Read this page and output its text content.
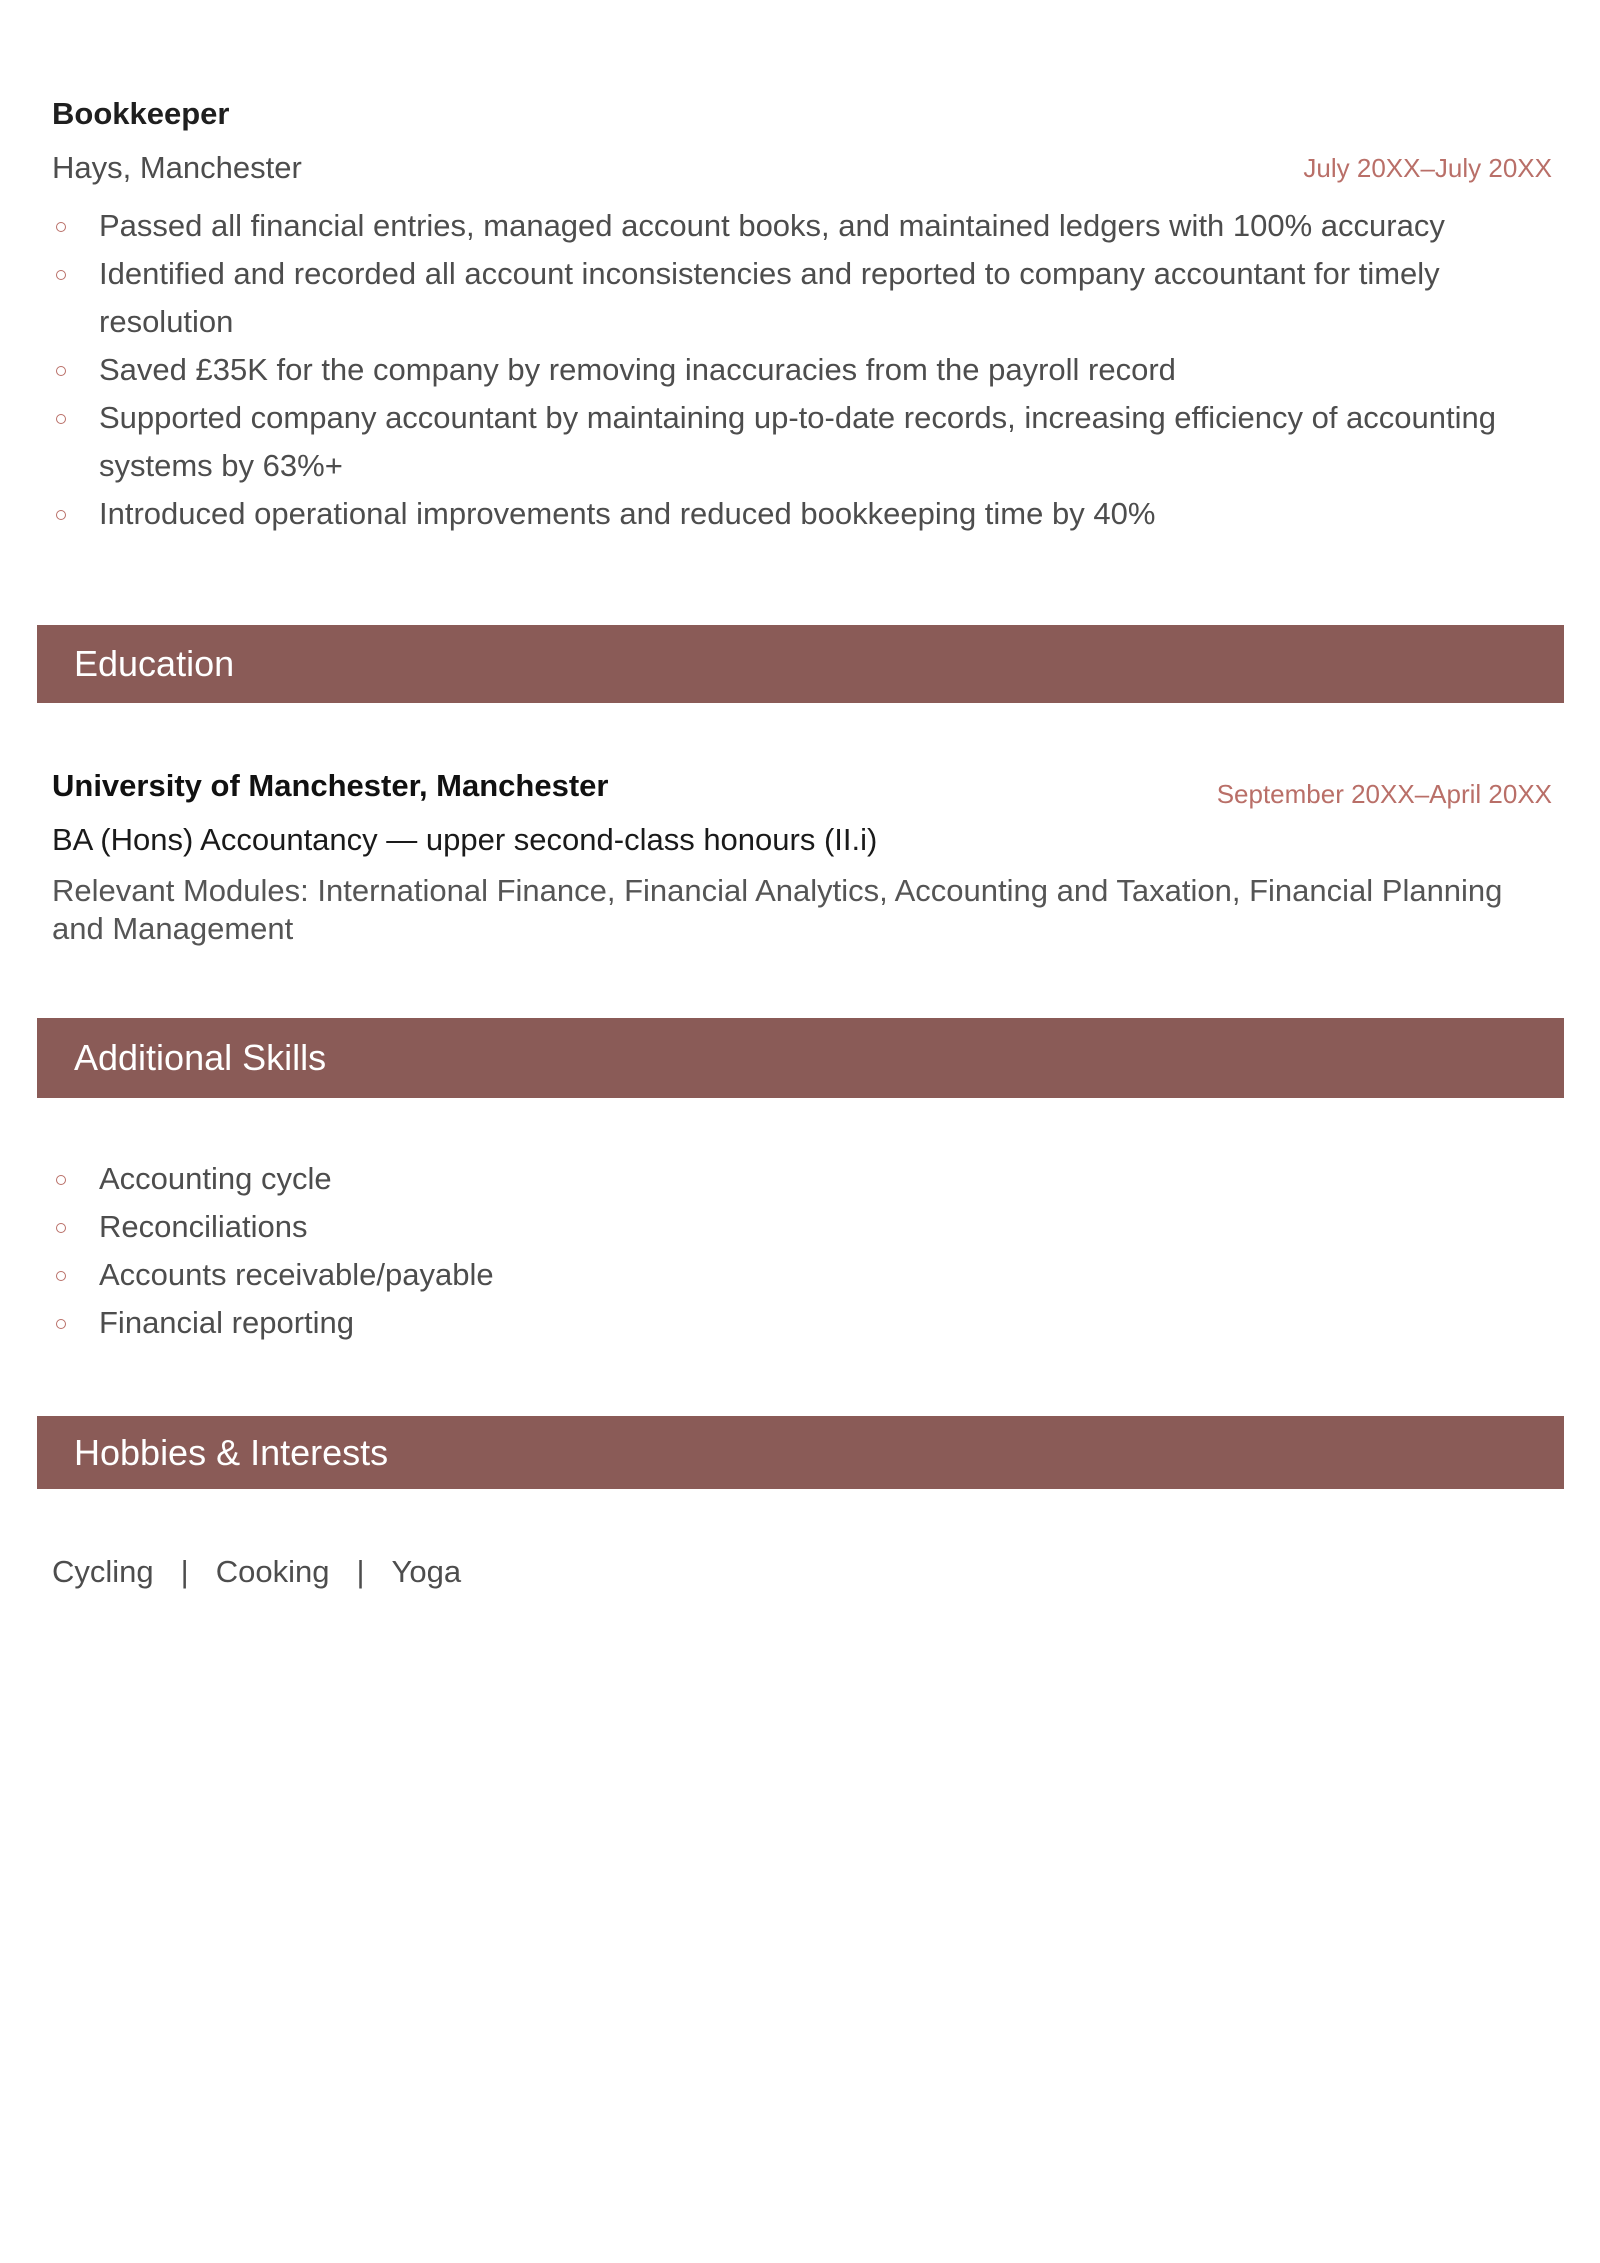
Bookkeeper
Hays, Manchester	July 20XX–July 20XX
Passed all financial entries, managed account books, and maintained ledgers with 100% accuracy
Identified and recorded all account inconsistencies and reported to company accountant for timely resolution
Saved £35K for the company by removing inaccuracies from the payroll record
Supported company accountant by maintaining up-to-date records, increasing efficiency of accounting systems by 63%+
Introduced operational improvements and reduced bookkeeping time by 40%
Education
University of Manchester, Manchester	September 20XX–April 20XX
BA (Hons) Accountancy — upper second-class honours (II.i)
Relevant Modules: International Finance, Financial Analytics, Accounting and Taxation, Financial Planning and Management
Additional Skills
Accounting cycle
Reconciliations
Accounts receivable/payable
Financial reporting
Hobbies & Interests
Cycling | Cooking | Yoga
